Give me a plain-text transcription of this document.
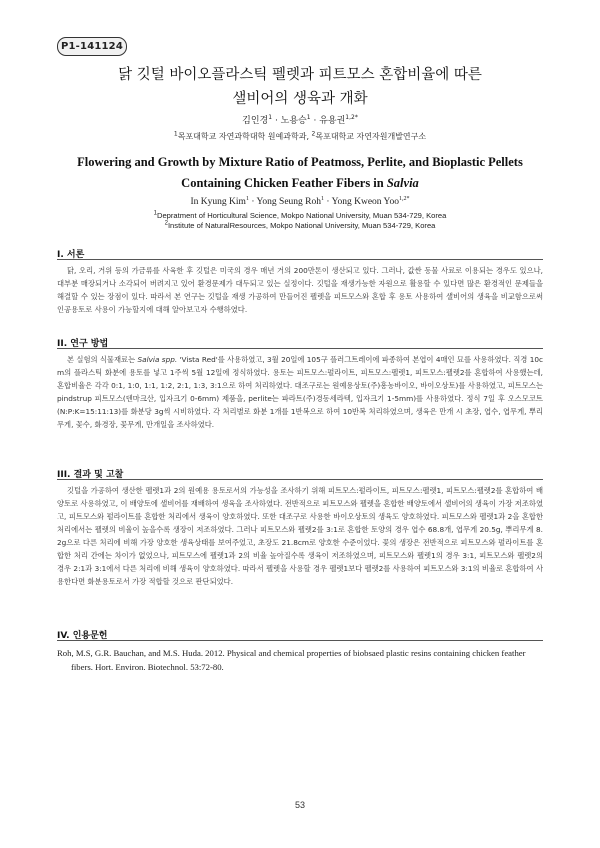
P1-141124
닭 깃털 바이오플라스틱 펠렛과 피트모스 혼합비율에 따른
샐비어의 생육과 개화
김인경$^1$ · 노용승$^1$ · 유용권$^{1,2*}$
$^1$목포대학교 자연과학대학 원예과학과, $^2$목포대학교 자연자원개발연구소
Flowering and Growth by Mixture Ratio of Peatmoss, Perlite, and Bioplastic Pellets
Containing Chicken Feather Fibers in Salvia
In Kyung Kim$^1$ · Yong Seung Roh$^1$ · Yong Kweon Yoo$^{1,2*}$
$^1$Depratment of Horticultural Science, Mokpo National University, Muan 534-729, Korea
$^2$Institute of NaturalResources, Mokpo National University, Muan 534-729, Korea
I. 서론

닭, 오리, 거위 등의 가금류를 사육한 후 깃털은 미국의 경우 매년 거의 200만톤이 생산되고 있다. 그러나, 값싼 동물 사료로 이용되는 경우도 있으나, 대부분 매장되거나 소각되어 버려지고 있어 환경문제가 대두되고 있는 실정이다. 깃털을 재생가능한 자원으로 활용할 수 있다면 많은 환경적인 문제들을 해결할 수 있는 장점이 있다. 따라서 본 연구는 깃털을 재생 가공하여 만들어진 펠렛을 피트모스와 혼합 후 용토 사용하여 샐비어의 생육을 비교함으로써 인공용토로 사용이 가능할지에 대해 알아보고자 수행하였다.

II. 연구 방법

본 실험의 식물재료는 Salvia spp. 'Vista Red'를 사용하였고, 3월 20일에 105구 플러그트레이에 파종하여 본엽이 4매인 묘를 사용하였다. 직경 10cm의 플라스틱 화분에 용토를 넣고 1주씩 5월 12일에 정식하였다. 용토는 피트모스:펄라이트, 피트모스:펠렛1, 피트모스:펠렛2를 혼합하여 사용했는데, 혼합비율은 각각 0:1, 1:0, 1:1, 1:2, 2:1, 1:3, 3:1으로 하여 처리하였다. 대조구로는 원예용상토(주)흥농바이오, 바이오상토)를 사용하였고, 피트모스는 pindstrup 피트모스(덴마크산, 입자크기 0-6mm) 제품을, perlite는 파라트(주)경동세라텍, 입자크기 1-5mm)를 사용하였다. 정식 7일 후 오스모코트(N:P:K=15:11:13)를 화분당 3g씩 시비하였다. 각 처리별로 화분 1개를 1반복으로 하여 10반복 처리하였으며, 생육은 만개 시 초장, 엽수, 엽무게, 뿌리무게, 꽃수, 화경장, 꽃무게, 만개일을 조사하였다.

III. 결과 및 고찰

깃털을 가공하여 생산한 펠렛1과 2의 원예용 용토로서의 가능성을 조사하기 위해 피트모스:펄라이트, 피트모스:펠렛1, 피트모스:펠렛2를 혼합하여 배양토로 사용하였고, 이 배양토에 샐비어를 재배하여 생육을 조사하였다. 전반적으로 피트모스와 펠렛을 혼합한 배양토에서 샐비어의 생육이 가장 저조하였고, 피트모스와 펄라이트를 혼합한 처리에서 생육이 양호하였다. 또한 대조구로 사용한 바이오상토의 생육도 양호하였다. 피트모스와 펠렛1과 2을 혼합한 처리에서는 펠렛의 비율이 높을수록 생장이 저조하였다. 그러나 피트모스와 펠렛2를 3:1로 혼합한 토양의 경우 엽수 68.8개, 엽무게 20.5g, 뿌리무게 8.2g으로 다른 처리에 비해 가장 양호한 생육상태를 보여주었고, 초장도 21.8cm로 양호한 수준이었다. 꽃의 생장은 전반적으로 피트모스와 펄라이트를 혼합한 처리 간에는 차이가 없었으나, 피트모스에 펠렛1과 2의 비율 높아질수록 생육이 저조하였으며, 피트모스와 펠렛1의 경우 3:1, 피트모스와 펠렛2의 경우 2:1과 3:1에서 다른 처리에 비해 생육이 양호하였다. 따라서 펠렛을 사용할 경우 펠렛1보다 펠렛2를 사용하여 피트모스와 3:1의 비율로 혼합하여 사용한다면 화분용토로서 가장 적합할 것으로 판단되었다.

IV. 인용문헌

Roh, M.S, G.R. Bauchan, and M.S. Huda. 2012. Physical and chemical properties of biobsaed plastic resins containing chicken feather fibers. Hort. Environ. Biotechnol. 53:72-80.

53
